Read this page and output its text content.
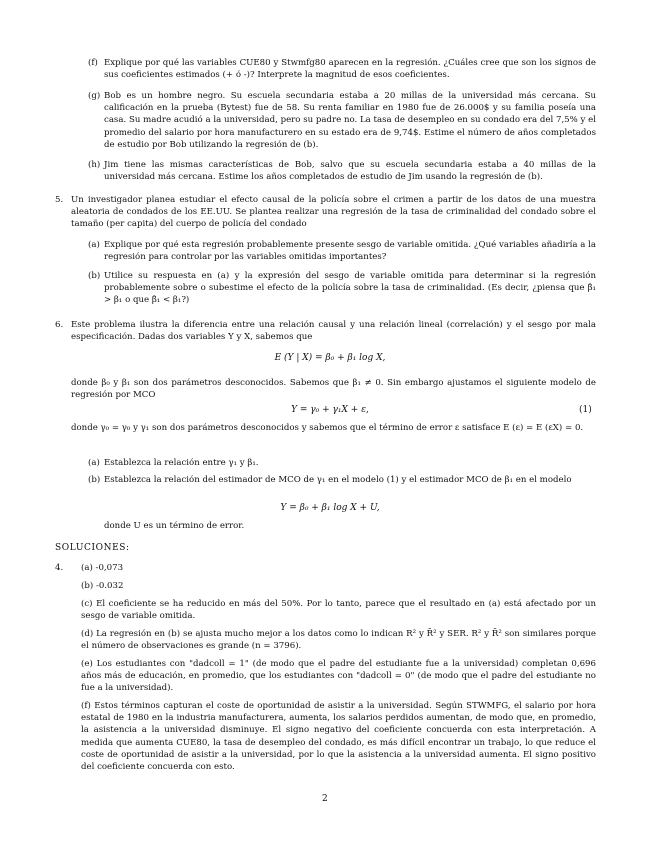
(f) Explique por qué las variables CUE80 y Stwmfg80 aparecen en la regresión. ¿Cuáles cree que son los signos de sus coeficientes estimados (+ ó -)? Interprete la magnitud de esos coeficientes.
(g) Bob es un hombre negro. Su escuela secundaria estaba a 20 millas de la universidad más cercana. Su calificación en la prueba (Bytest) fue de 58. Su renta familiar en 1980 fue de 26.000$ y su familia poseía una casa. Su madre acudió a la universidad, pero su padre no. La tasa de desempleo en su condado era del 7,5% y el promedio del salario por hora manufacturero en su estado era de 9,74$. Estime el número de años completados de estudio por Bob utilizando la regresión de (b).
(h) Jim tiene las mismas características de Bob, salvo que su escuela secundaria estaba a 40 millas de la universidad más cercana. Estime los años completados de estudio de Jim usando la regresión de (b).
5. Un investigador planea estudiar el efecto causal de la policía sobre el crimen a partir de los datos de una muestra aleatoria de condados de los EE.UU. Se plantea realizar una regresión de la tasa de criminalidad del condado sobre el tamaño (per capita) del cuerpo de policía del condado
(a) Explique por qué esta regresión probablemente presente sesgo de variable omitida. ¿Qué variables añadiría a la regresión para controlar por las variables omitidas importantes?
(b) Utilice su respuesta en (a) y la expresión del sesgo de variable omitida para determinar si la regresión probablemente sobre o subestime el efecto de la policía sobre la tasa de criminalidad. (Es decir, ¿piensa que β̂₁ > β₁ o que β̂₁ < β₁?)
6. Este problema ilustra la diferencia entre una relación causal y una relación lineal (correlación) y el sesgo por mala especificación. Dadas dos variables Y y X, sabemos que
E (Y | X) = β₀ + β₁ log X,
donde β₀ y β₁ son dos parámetros desconocidos. Sabemos que β₁ ≠ 0. Sin embargo ajustamos el siguiente modelo de regresión por MCO
Y = γ₀ + γ₁X + ε,	(1)
donde γ₀ = γ₀ y γ₁ son dos parámetros desconocidos y sabemos que el término de error ε satisface E (ε) = E (εX) = 0.
(a) Establezca la relación entre γ₁ y β₁.
(b) Establezca la relación del estimador de MCO de γ₁ en el modelo (1) y el estimador MCO de β₁ en el modelo
Y = β₀ + β₁ log X + U,
donde U es un término de error.
SOLUCIONES:
4. (a) -0,073
(b) -0.032
(c) El coeficiente se ha reducido en más del 50%. Por lo tanto, parece que el resultado en (a) está afectado por un sesgo de variable omitida.
(d) La regresión en (b) se ajusta mucho mejor a los datos como lo indican R² y R̄² y SER. R² y R̄² son similares porque el número de observaciones es grande (n = 3796).
(e) Los estudiantes con "dadcoll = 1" (de modo que el padre del estudiante fue a la universidad) completan 0,696 años más de educación, en promedio, que los estudiantes con "dadcoll = 0" (de modo que el padre del estudiante no fue a la universidad).
(f) Estos términos capturan el coste de oportunidad de asistir a la universidad. Según STWMFG, el salario por hora estatal de 1980 en la industria manufacturera, aumenta, los salarios perdidos aumentan, de modo que, en promedio, la asistencia a la universidad disminuye. El signo negativo del coeficiente concuerda con esta interpretación. A medida que aumenta CUE80, la tasa de desempleo del condado, es más difícil encontrar un trabajo, lo que reduce el coste de oportunidad de asistir a la universidad, por lo que la asistencia a la universidad aumenta. El signo positivo del coeficiente concuerda con esto.
2
